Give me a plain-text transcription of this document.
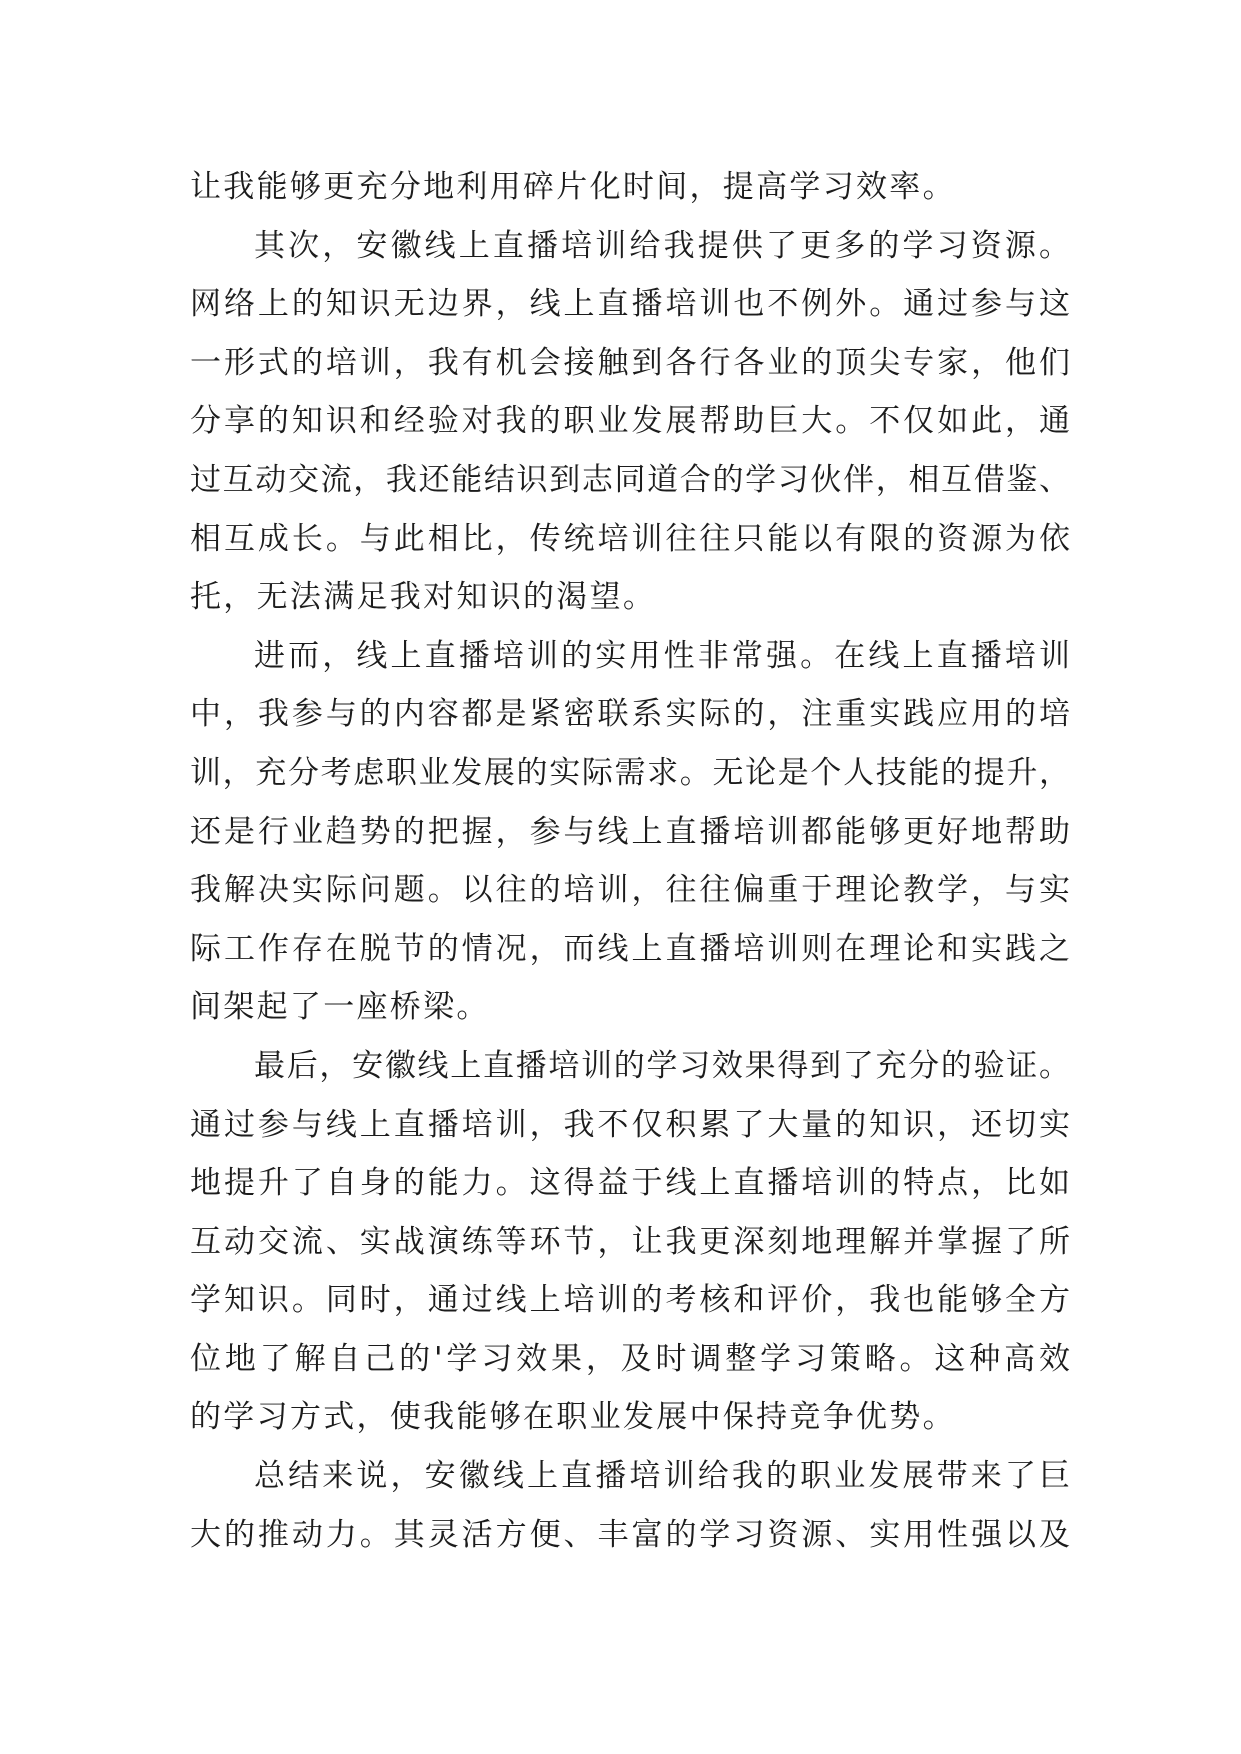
让我能够更充分地利用碎片化时间，提高学习效率。
其次，安徽线上直播培训给我提供了更多的学习资源。
网络上的知识无边界，线上直播培训也不例外。通过参与这
一形式的培训，我有机会接触到各行各业的顶尖专家，他们
分享的知识和经验对我的职业发展帮助巨大。不仅如此，通
过互动交流，我还能结识到志同道合的学习伙伴，相互借鉴、
相互成长。与此相比，传统培训往往只能以有限的资源为依
托，无法满足我对知识的渴望。
进而，线上直播培训的实用性非常强。在线上直播培训
中，我参与的内容都是紧密联系实际的，注重实践应用的培
训，充分考虑职业发展的实际需求。无论是个人技能的提升，
还是行业趋势的把握，参与线上直播培训都能够更好地帮助
我解决实际问题。以往的培训，往往偏重于理论教学，与实
际工作存在脱节的情况，而线上直播培训则在理论和实践之
间架起了一座桥梁。
最后，安徽线上直播培训的学习效果得到了充分的验证。
通过参与线上直播培训，我不仅积累了大量的知识，还切实
地提升了自身的能力。这得益于线上直播培训的特点，比如
互动交流、实战演练等环节，让我更深刻地理解并掌握了所
学知识。同时，通过线上培训的考核和评价，我也能够全方
位地了解自己的'学习效果，及时调整学习策略。这种高效
的学习方式，使我能够在职业发展中保持竞争优势。
总结来说，安徽线上直播培训给我的职业发展带来了巨
大的推动力。其灵活方便、丰富的学习资源、实用性强以及
